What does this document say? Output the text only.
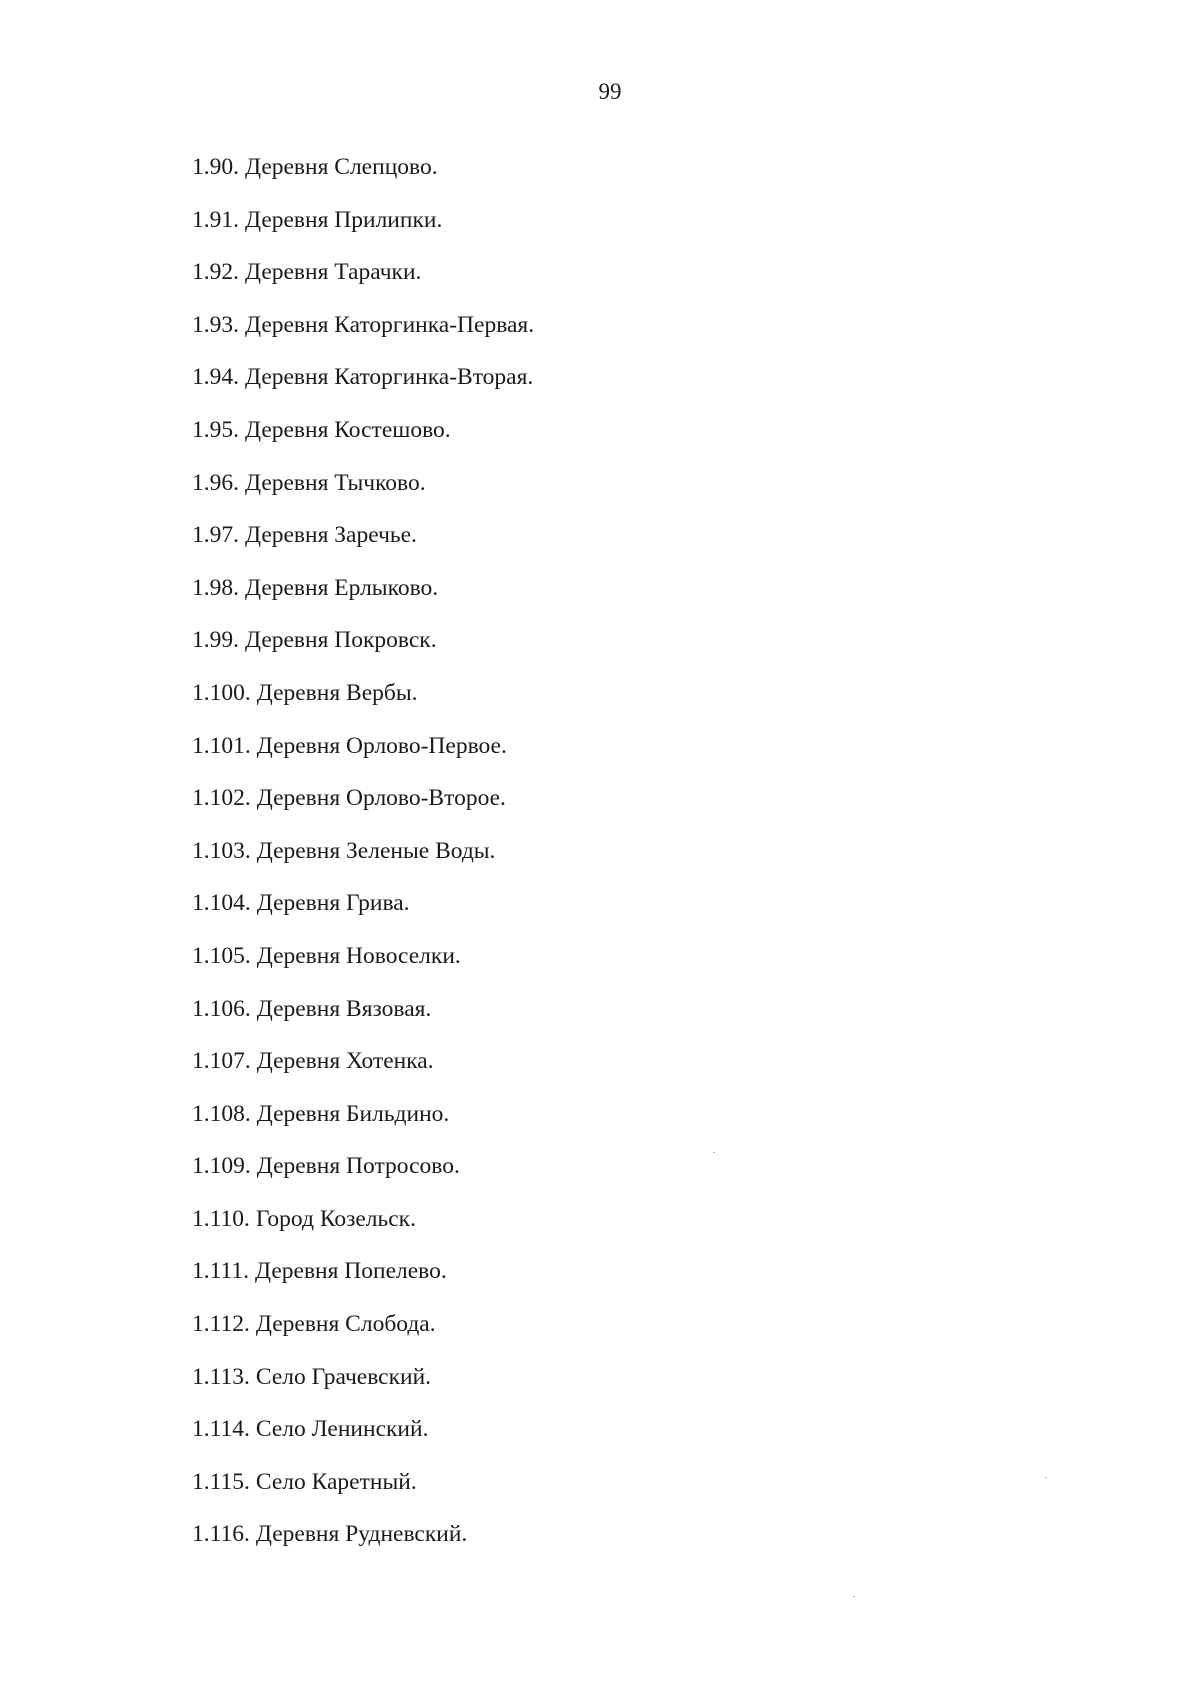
99
1.90. Деревня Слепцово.
1.91. Деревня Прилипки.
1.92. Деревня Тарачки.
1.93. Деревня Каторгинка-Первая.
1.94. Деревня Каторгинка-Вторая.
1.95. Деревня Костешово.
1.96. Деревня Тычково.
1.97. Деревня Заречье.
1.98. Деревня Ерлыково.
1.99. Деревня Покровск.
1.100. Деревня Вербы.
1.101. Деревня Орлово-Первое.
1.102. Деревня Орлово-Второе.
1.103. Деревня Зеленые Воды.
1.104. Деревня Грива.
1.105. Деревня Новоселки.
1.106. Деревня Вязовая.
1.107. Деревня Хотенка.
1.108. Деревня Бильдино.
1.109. Деревня Потросово.
1.110. Город Козельск.
1.111. Деревня Попелево.
1.112. Деревня Слобода.
1.113. Село Грачевский.
1.114. Село Ленинский.
1.115. Село Каретный.
1.116. Деревня Рудневский.
